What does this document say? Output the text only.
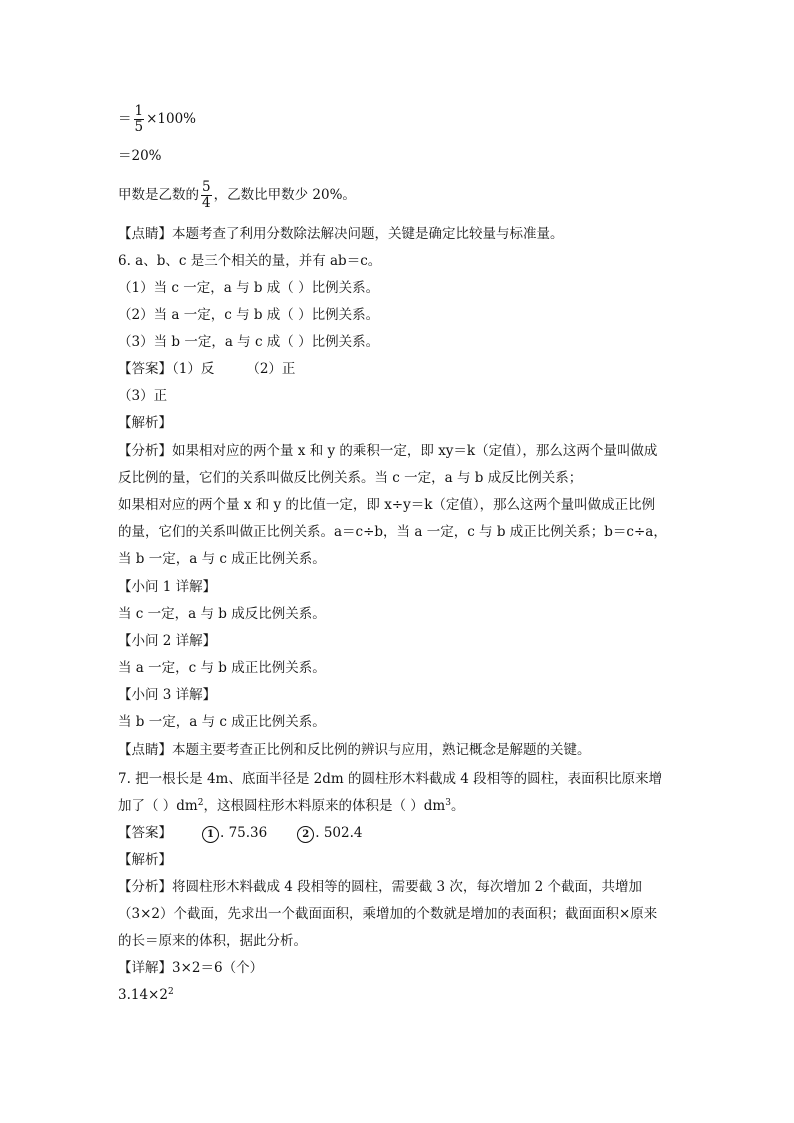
＝ $\frac{1}{5} \times 100\%$
＝20%
甲数是乙数的 $\frac{5}{4}$ ，乙数比甲数少 20%。
【点睛】本题考查了利用分数除法解决问题，关键是确定比较量与标准量。
6. a、b、c 是三个相关的量，并有 ab＝c。
（1）当 c 一定，a 与 b 成（ ）比例关系。
（2）当 a 一定，c 与 b 成（ ）比例关系。
（3）当 b 一定，a 与 c 成（ ）比例关系。
【答案】（1）反 （2）正
（3）正
【解析】
【分析】如果相对应的两个量 x 和 y 的乘积一定，即 xy＝k（定值），那么这两个量叫做成
反比例的量，它们的关系叫做反比例关系。当 c 一定，a 与 b 成反比例关系；
如果相对应的两个量 x 和 y 的比值一定，即 x÷y＝k（定值），那么这两个量叫做成正比例
的量，它们的关系叫做正比例关系。a＝c÷b，当 a 一定，c 与 b 成正比例关系；b＝c÷a，
当 b 一定，a 与 c 成正比例关系。
【小问 1 详解】
当 c 一定，a 与 b 成反比例关系。
【小问 2 详解】
当 a 一定，c 与 b 成正比例关系。
【小问 3 详解】
当 b 一定，a 与 c 成正比例关系。
【点睛】本题主要考查正比例和反比例的辨识与应用，熟记概念是解题的关键。
7. 把一根长是 4m、底面半径是 2dm 的圆柱形木料截成 4 段相等的圆柱，表面积比原来增
加了（ ）$dm^2$，这根圆柱形木料原来的体积是（ ）$dm^3$。
【答案】	1 . 75.36	2 . 502.4
【解析】
【分析】将圆柱形木料截成 4 段相等的圆柱，需要截 3 次，每次增加 2 个截面，共增加
（3×2）个截面，先求出一个截面面积，乘增加的个数就是增加的表面积；截面面积×原来
的长＝原来的体积，据此分析。
【详解】3×2＝6（个）
$3.14\times 2^2$
